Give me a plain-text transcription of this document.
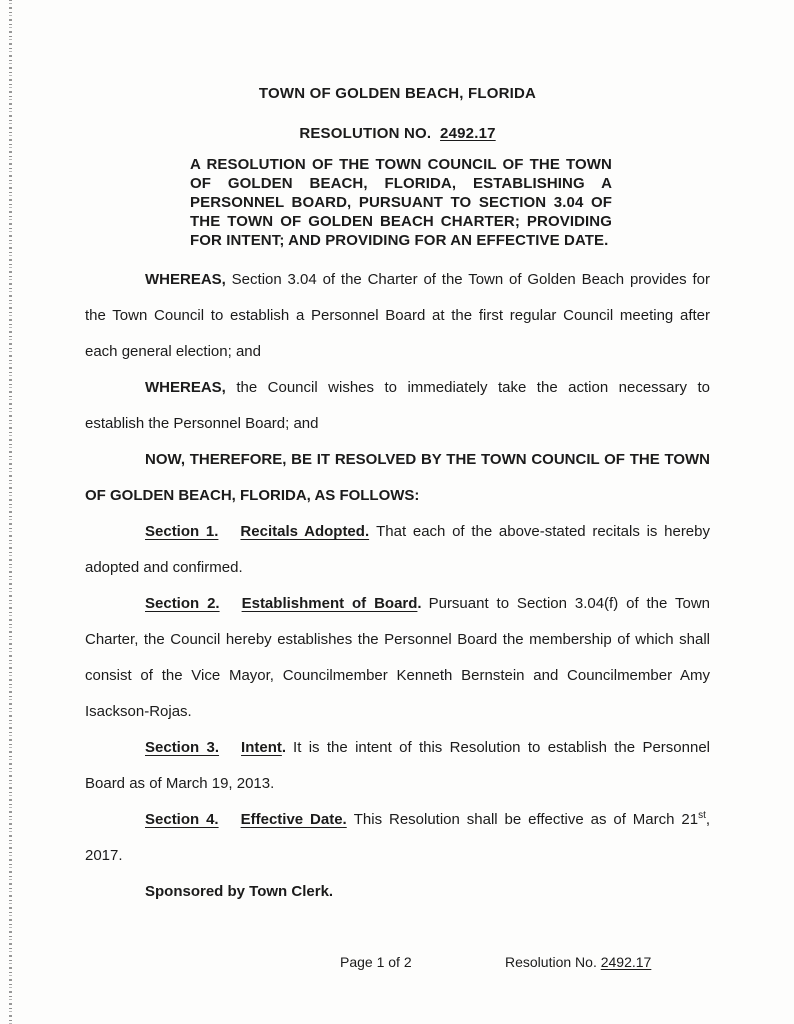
TOWN OF GOLDEN BEACH, FLORIDA

RESOLUTION NO. 2492.17

A RESOLUTION OF THE TOWN COUNCIL OF THE TOWN OF GOLDEN BEACH, FLORIDA, ESTABLISHING A PERSONNEL BOARD, PURSUANT TO SECTION 3.04 OF THE TOWN OF GOLDEN BEACH CHARTER; PROVIDING FOR INTENT; AND PROVIDING FOR AN EFFECTIVE DATE.

WHEREAS, Section 3.04 of the Charter of the Town of Golden Beach provides for the Town Council to establish a Personnel Board at the first regular Council meeting after each general election; and

WHEREAS, the Council wishes to immediately take the action necessary to establish the Personnel Board; and

NOW, THEREFORE, BE IT RESOLVED BY THE TOWN COUNCIL OF THE TOWN OF GOLDEN BEACH, FLORIDA, AS FOLLOWS:

Section 1. Recitals Adopted. That each of the above-stated recitals is hereby adopted and confirmed.

Section 2. Establishment of Board. Pursuant to Section 3.04(f) of the Town Charter, the Council hereby establishes the Personnel Board the membership of which shall consist of the Vice Mayor, Councilmember Kenneth Bernstein and Councilmember Amy Isackson-Rojas.

Section 3. Intent. It is the intent of this Resolution to establish the Personnel Board as of March 19, 2013.

Section 4. Effective Date. This Resolution shall be effective as of March 21st, 2017.

Sponsored by Town Clerk.

Page 1 of 2	Resolution No. 2492.17
